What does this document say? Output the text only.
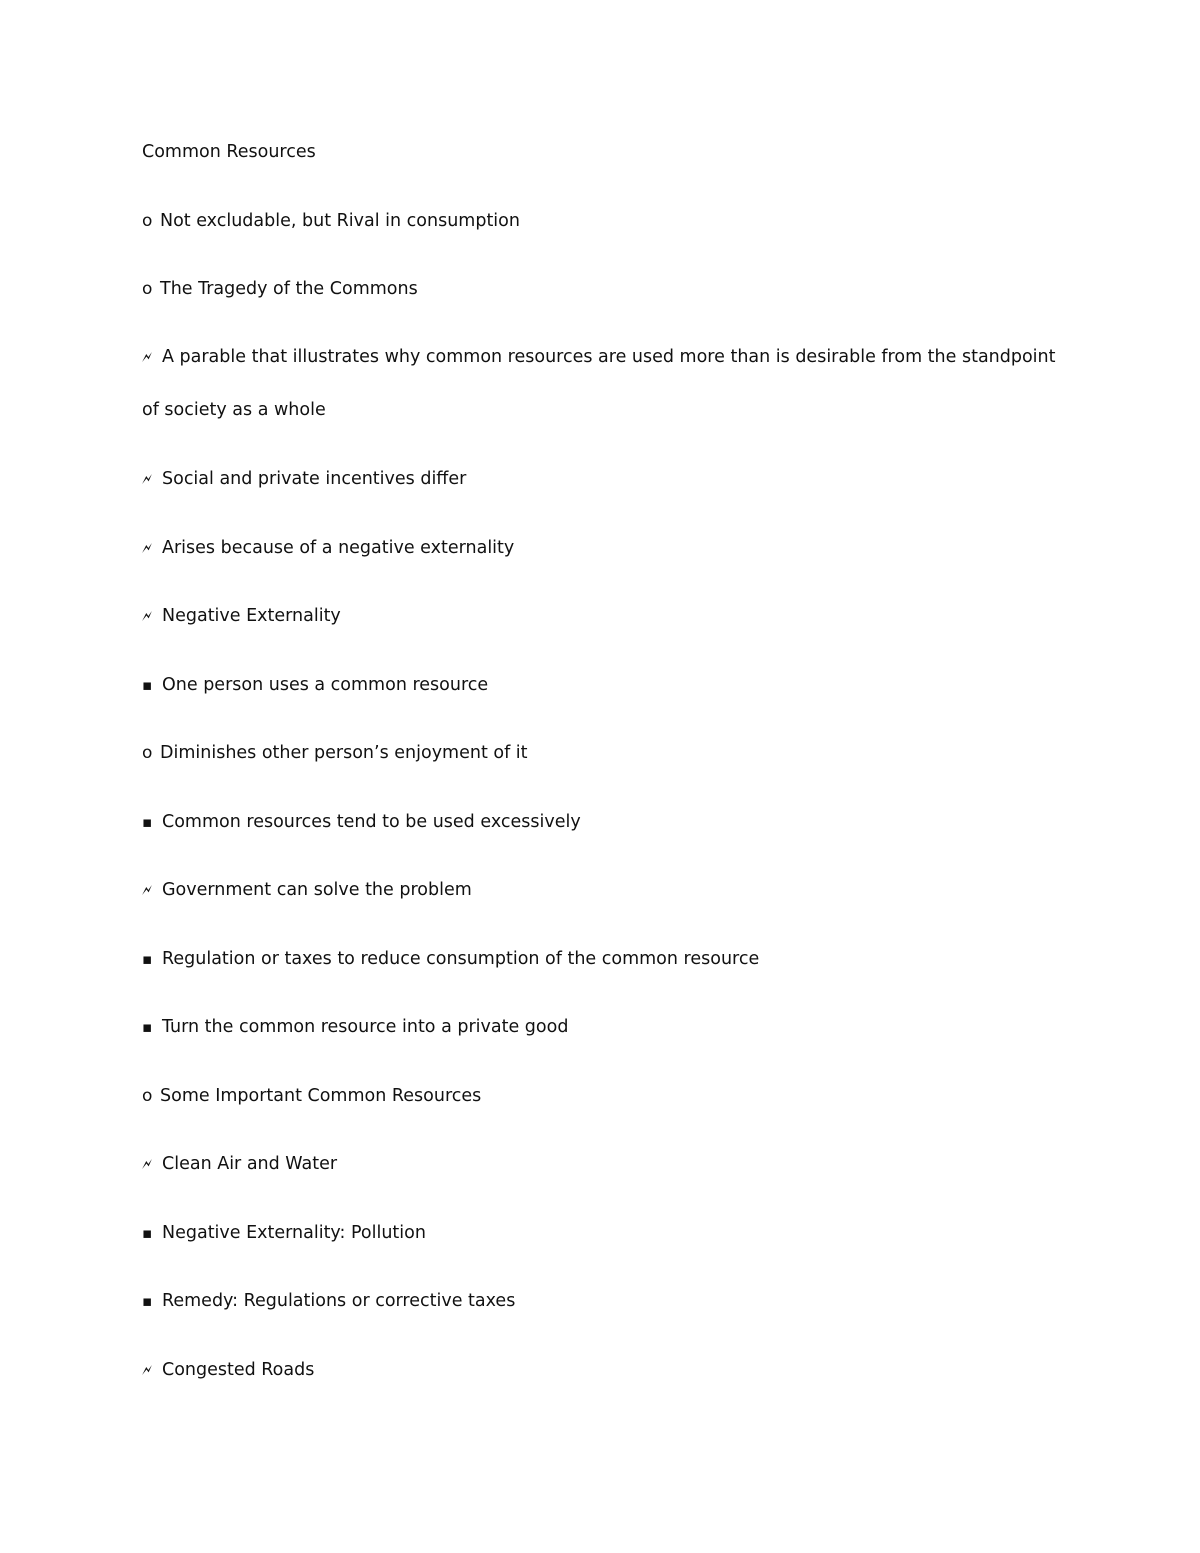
Common Resources
o Not excludable, but Rival in consumption
o The Tragedy of the Commons
🗲 A parable that illustrates why common resources are used more than is desirable from the standpoint of society as a whole
🗲 Social and private incentives differ
🗲 Arises because of a negative externality
🗲 Negative Externality
▪ One person uses a common resource
o Diminishes other person’s enjoyment of it
▪ Common resources tend to be used excessively
🗲 Government can solve the problem
▪ Regulation or taxes to reduce consumption of the common resource
▪ Turn the common resource into a private good
o Some Important Common Resources
🗲 Clean Air and Water
▪ Negative Externality: Pollution
▪ Remedy: Regulations or corrective taxes
🗲 Congested Roads
